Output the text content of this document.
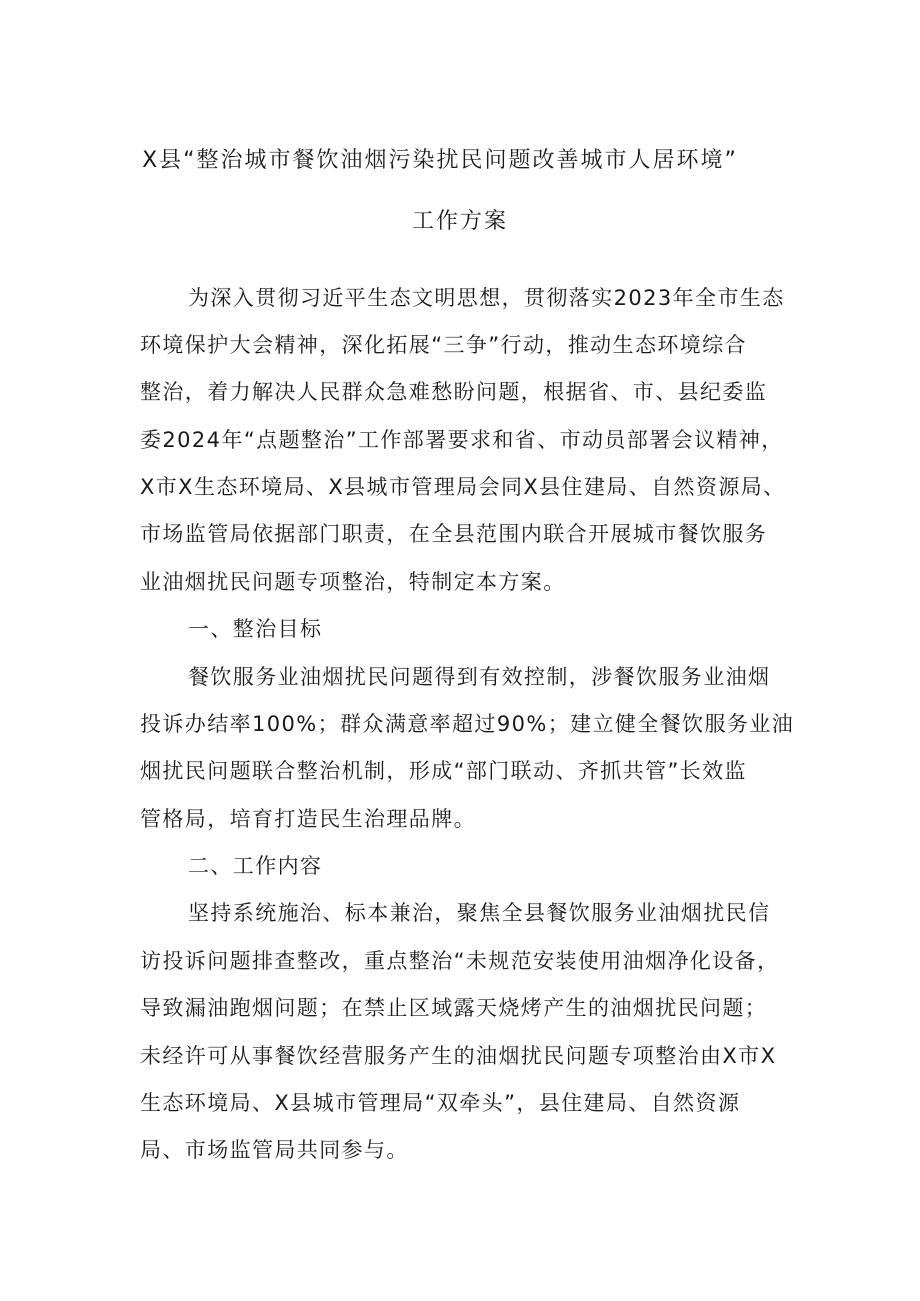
X县“整治城市餐饮油烟污染扰民问题改善城市人居环境”
工作方案
为深入贯彻习近平生态文明思想，贯彻落实2023年全市生态
环境保护大会精神，深化拓展“三争”行动，推动生态环境综合
整治，着力解决人民群众急难愁盼问题，根据省、市、县纪委监
委2024年“点题整治”工作部署要求和省、市动员部署会议精神，
X市X生态环境局、X县城市管理局会同X县住建局、自然资源局、
市场监管局依据部门职责，在全县范围内联合开展城市餐饮服务
业油烟扰民问题专项整治，特制定本方案。
一、整治目标
餐饮服务业油烟扰民问题得到有效控制，涉餐饮服务业油烟
投诉办结率100%；群众满意率超过90%；建立健全餐饮服务业油
烟扰民问题联合整治机制，形成“部门联动、齐抓共管”长效监
管格局，培育打造民生治理品牌。
二、工作内容
坚持系统施治、标本兼治，聚焦全县餐饮服务业油烟扰民信
访投诉问题排查整改，重点整治“未规范安装使用油烟净化设备，
导致漏油跑烟问题；在禁止区域露天烧烤产生的油烟扰民问题；
未经许可从事餐饮经营服务产生的油烟扰民问题专项整治由X市X
生态环境局、X县城市管理局“双牵头”，县住建局、自然资源
局、市场监管局共同参与。
